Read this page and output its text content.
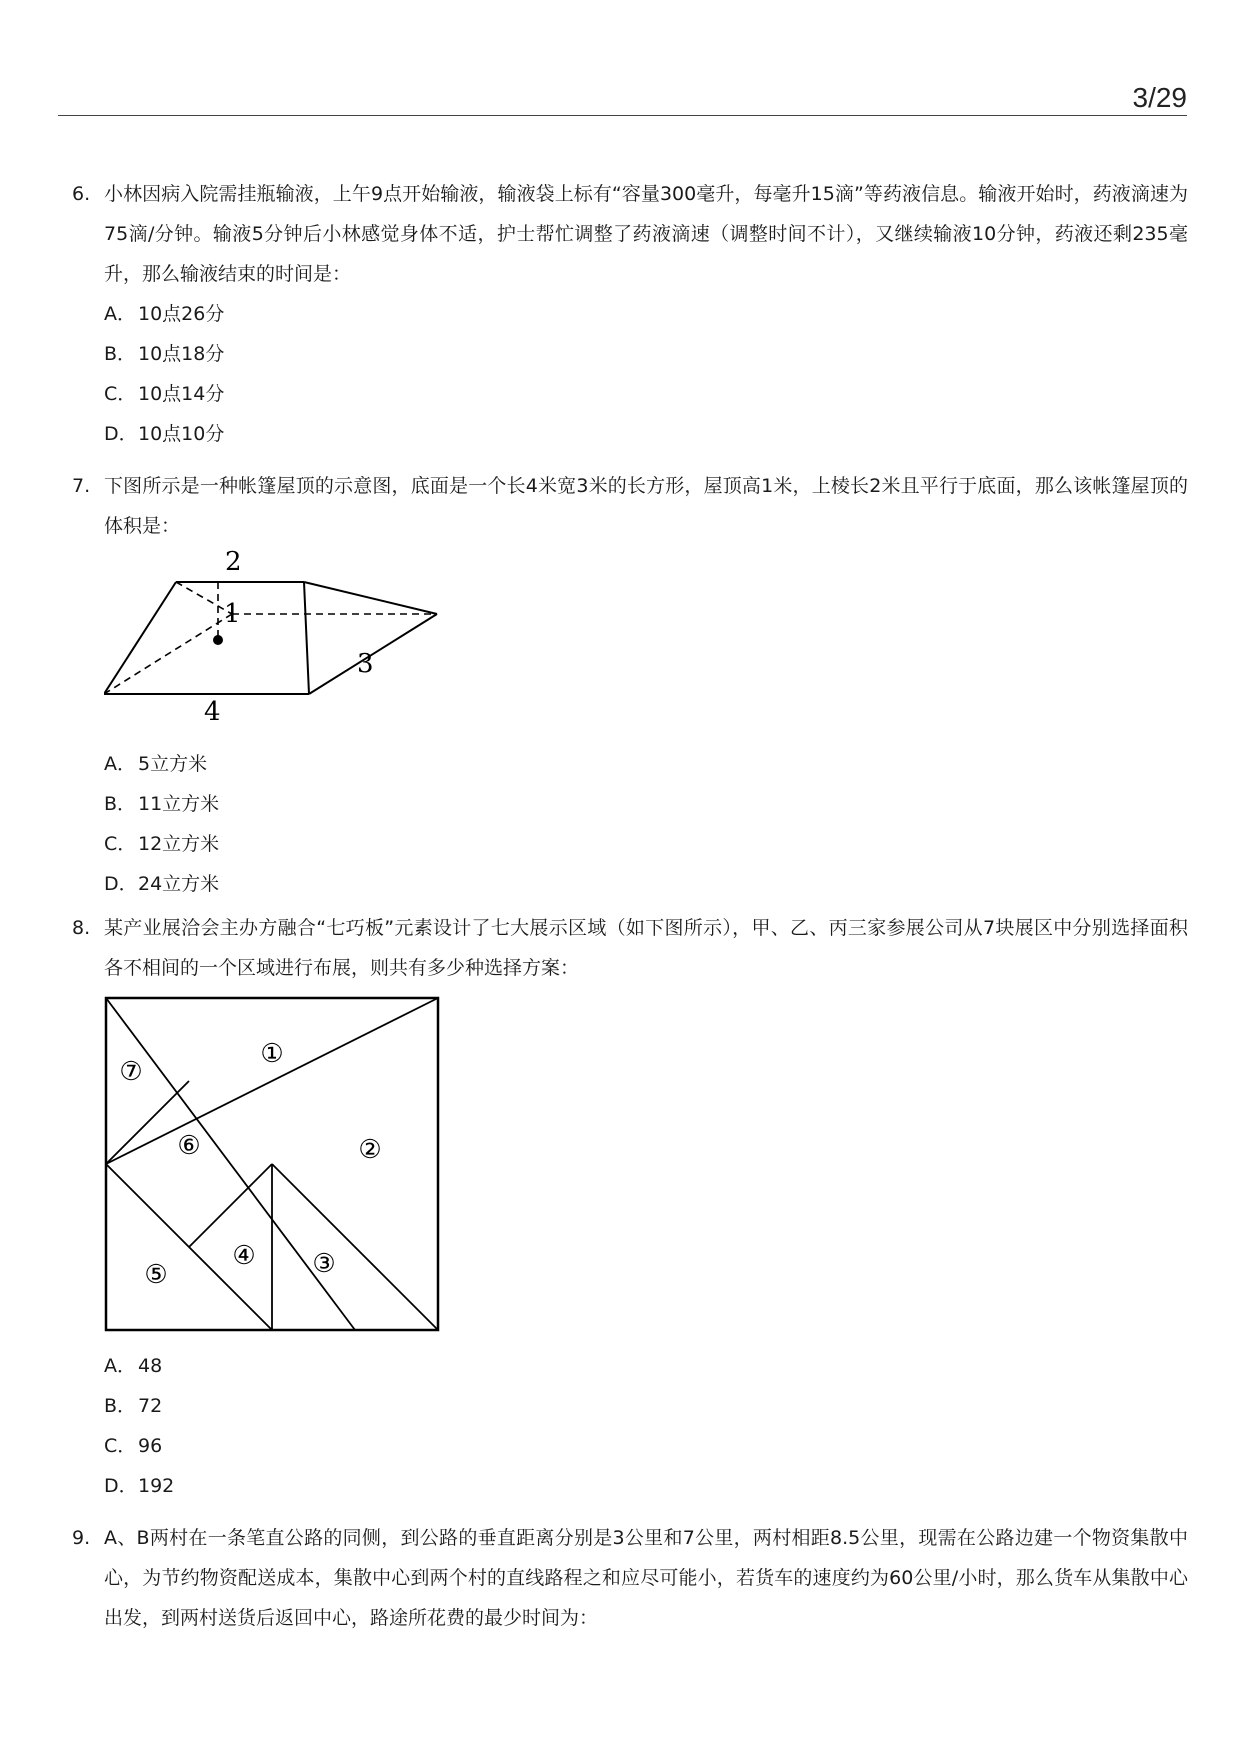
3/29
6. 小林因病入院需挂瓶输液，上午9点开始输液，输液袋上标有“容量300毫升，每毫升15滴”等药液信息。输液开始时，药液滴速为75滴/分钟。输液5分钟后小林感觉身体不适，护士帮忙调整了药液滴速（调整时间不计），又继续输液10分钟，药液还剩235毫升，那么输液结束的时间是：
A． 10点26分
B． 10点18分
C． 10点14分
D． 10点10分
7. 下图所示是一种帐篷屋顶的示意图，底面是一个长4米宽3米的长方形，屋顶高1米，上棱长2米且平行于底面，那么该帐篷屋顶的体积是：
2
1
3
4
A． 5立方米
B． 11立方米
C． 12立方米
D． 24立方米
8. 某产业展洽会主办方融合“七巧板”元素设计了七大展示区域（如下图所示），甲、乙、丙三家参展公司从7块展区中分别选择面积各不相间的一个区域进行布展，则共有多少种选择方案：
①
②
③
④
⑤
⑥
⑦
A． 48
B． 72
C． 96
D． 192
9. A、B两村在一条笔直公路的同侧，到公路的垂直距离分别是3公里和7公里，两村相距8.5公里，现需在公路边建一个物资集散中心，为节约物资配送成本，集散中心到两个村的直线路程之和应尽可能小，若货车的速度约为60公里/小时，那么货车从集散中心出发，到两村送货后返回中心，路途所花费的最少时间为：
